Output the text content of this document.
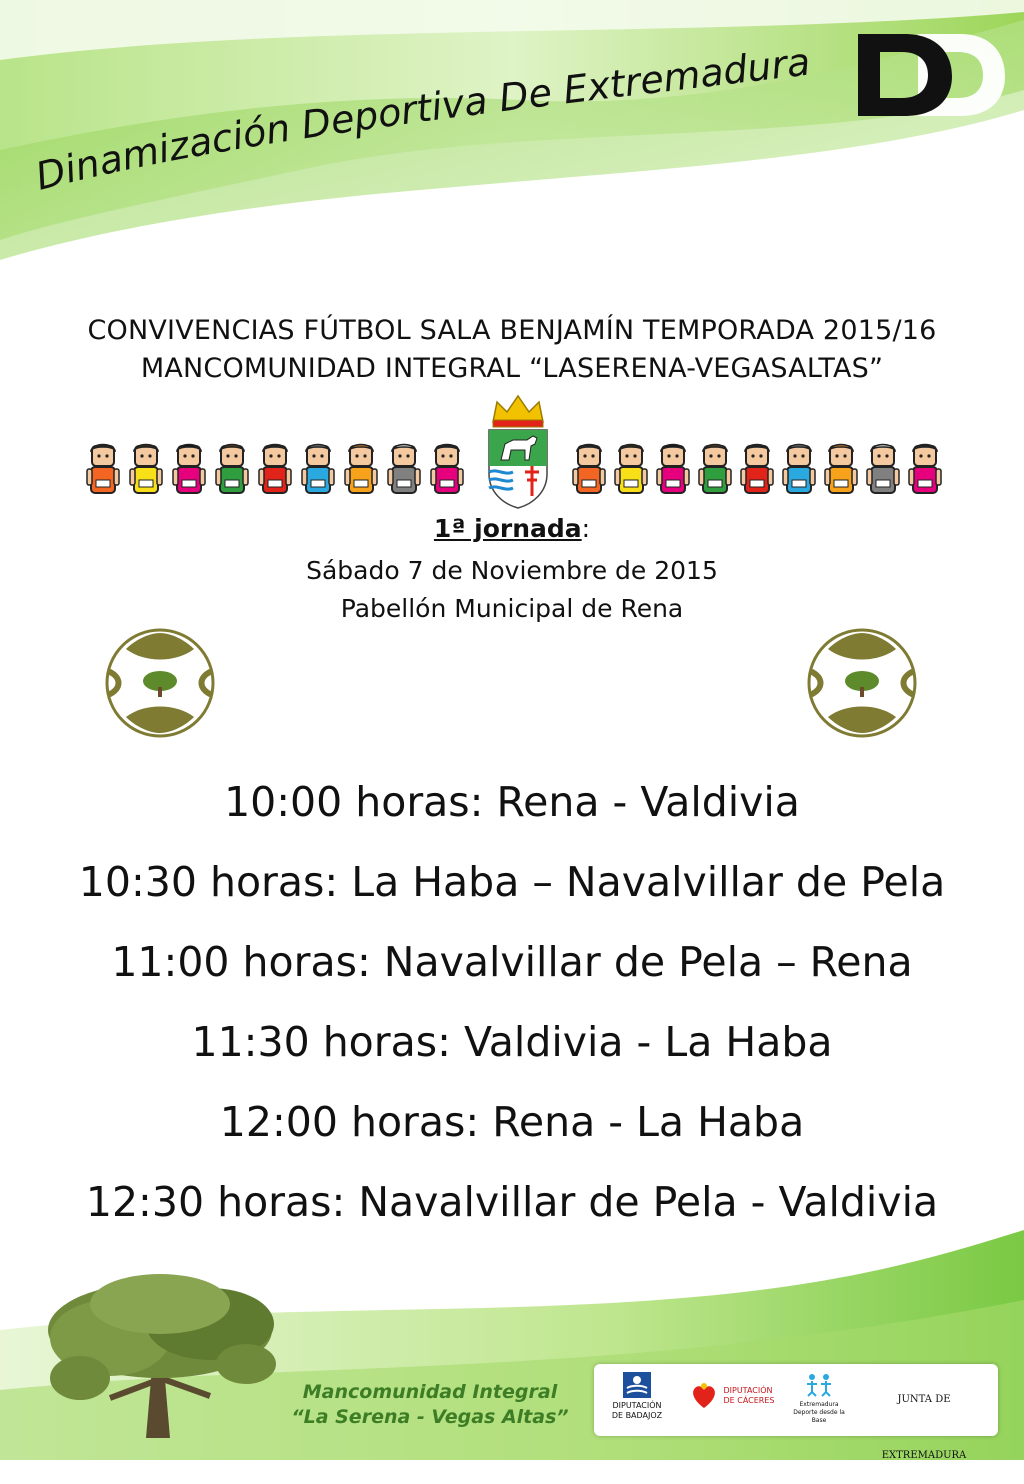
Dinamización Deportiva De Extremadura
CONVIVENCIAS FÚTBOL SALA BENJAMÍN TEMPORADA 2015/16
MANCOMUNIDAD INTEGRAL “LASERENA-VEGASALTAS”
1ª jornada:
Sábado 7 de Noviembre de 2015
Pabellón Municipal de Rena
10:00 horas: Rena - Valdivia
10:30 horas: La Haba – Navalvillar de Pela
11:00 horas: Navalvillar de Pela – Rena
11:30 horas: Valdivia - La Haba
12:00 horas: Rena - La Haba
12:30 horas: Navalvillar de Pela - Valdivia
Mancomunidad Integral
“La Serena - Vegas Altas”
DIPUTACIÓN
DE BADAJOZ
DIPUTACIÓN
DE CÁCERES	Extremadura
Deporte desde la Base
JUNTA DE EXTREMADURA
